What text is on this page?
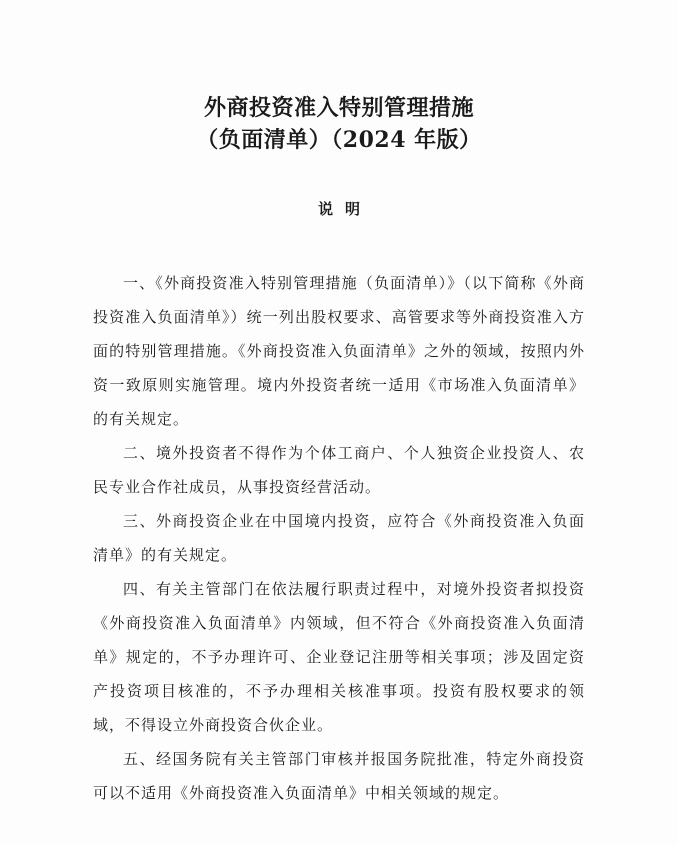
外商投资准入特别管理措施
（负面清单）（2024 年版）
说明

一、《外商投资准入特别管理措施（负面清单）》（以下简称《外商投资准入负面清单》）统一列出股权要求、高管要求等外商投资准入方面的特别管理措施。《外商投资准入负面清单》之外的领域，按照内外资一致原则实施管理。境内外投资者统一适用《市场准入负面清单》的有关规定。

二、境外投资者不得作为个体工商户、个人独资企业投资人、农民专业合作社成员，从事投资经营活动。

三、外商投资企业在中国境内投资，应符合《外商投资准入负面清单》的有关规定。

四、有关主管部门在依法履行职责过程中，对境外投资者拟投资《外商投资准入负面清单》内领域，但不符合《外商投资准入负面清单》规定的，不予办理许可、企业登记注册等相关事项；涉及固定资产投资项目核准的，不予办理相关核准事项。投资有股权要求的领域，不得设立外商投资合伙企业。

五、经国务院有关主管部门审核并报国务院批准，特定外商投资可以不适用《外商投资准入负面清单》中相关领域的规定。
